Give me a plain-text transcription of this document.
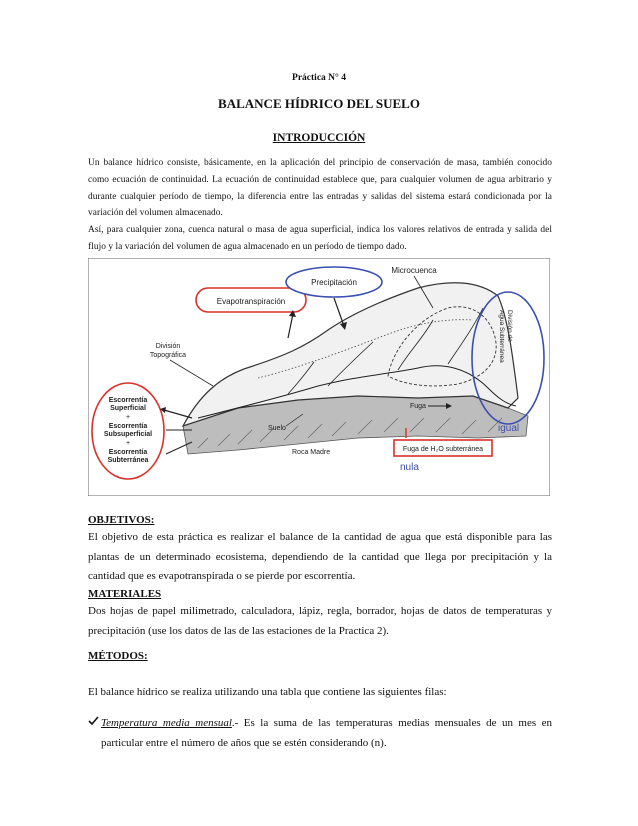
Práctica N° 4
BALANCE HÍDRICO DEL SUELO
INTRODUCCIÓN

Un balance hídrico consiste, básicamente, en la aplicación del principio de conservación de masa, también conocido como ecuación de continuidad. La ecuación de continuidad establece que, para cualquier volumen de agua arbitrario y durante cualquier período de tiempo, la diferencia entre las entradas y salidas del sistema estará condicionada por la variación del volumen almacenado.

Así, para cualquier zona, cuenca natural o masa de agua superficial, indica los valores relativos de entrada y salida del flujo y la variación del volumen de agua almacenado en un período de tiempo dado.

Evapotranspiración
Precipitación
Microcuenca
División
Topográfica
División de
Agua Subterránea
igual
Escorrentía
Superficial
+
Escorrentía
Subsuperficial
+
Escorrentía
Subterránea
Suelo
Roca Madre
Fuga
Fuga de H₂O subterránea
nula
OBJETIVOS:
El objetivo de esta práctica es realizar el balance de la cantidad de agua que está disponible para las plantas de un determinado ecosistema, dependiendo de la cantidad que llega por precipitación y la cantidad que es evapotranspirada o se pierde por escorrentía.
MATERIALES
Dos hojas de papel milimetrado, calculadora, lápiz, regla, borrador, hojas de datos de temperaturas y precipitación (use los datos de las de las estaciones de la Practica 2).
MÉTODOS:

El balance hídrico se realiza utilizando una tabla que contiene las siguientes filas:

Temperatura media mensual.- Es la suma de las temperaturas medias mensuales de un mes en particular entre el número de años que se estén considerando (n).
